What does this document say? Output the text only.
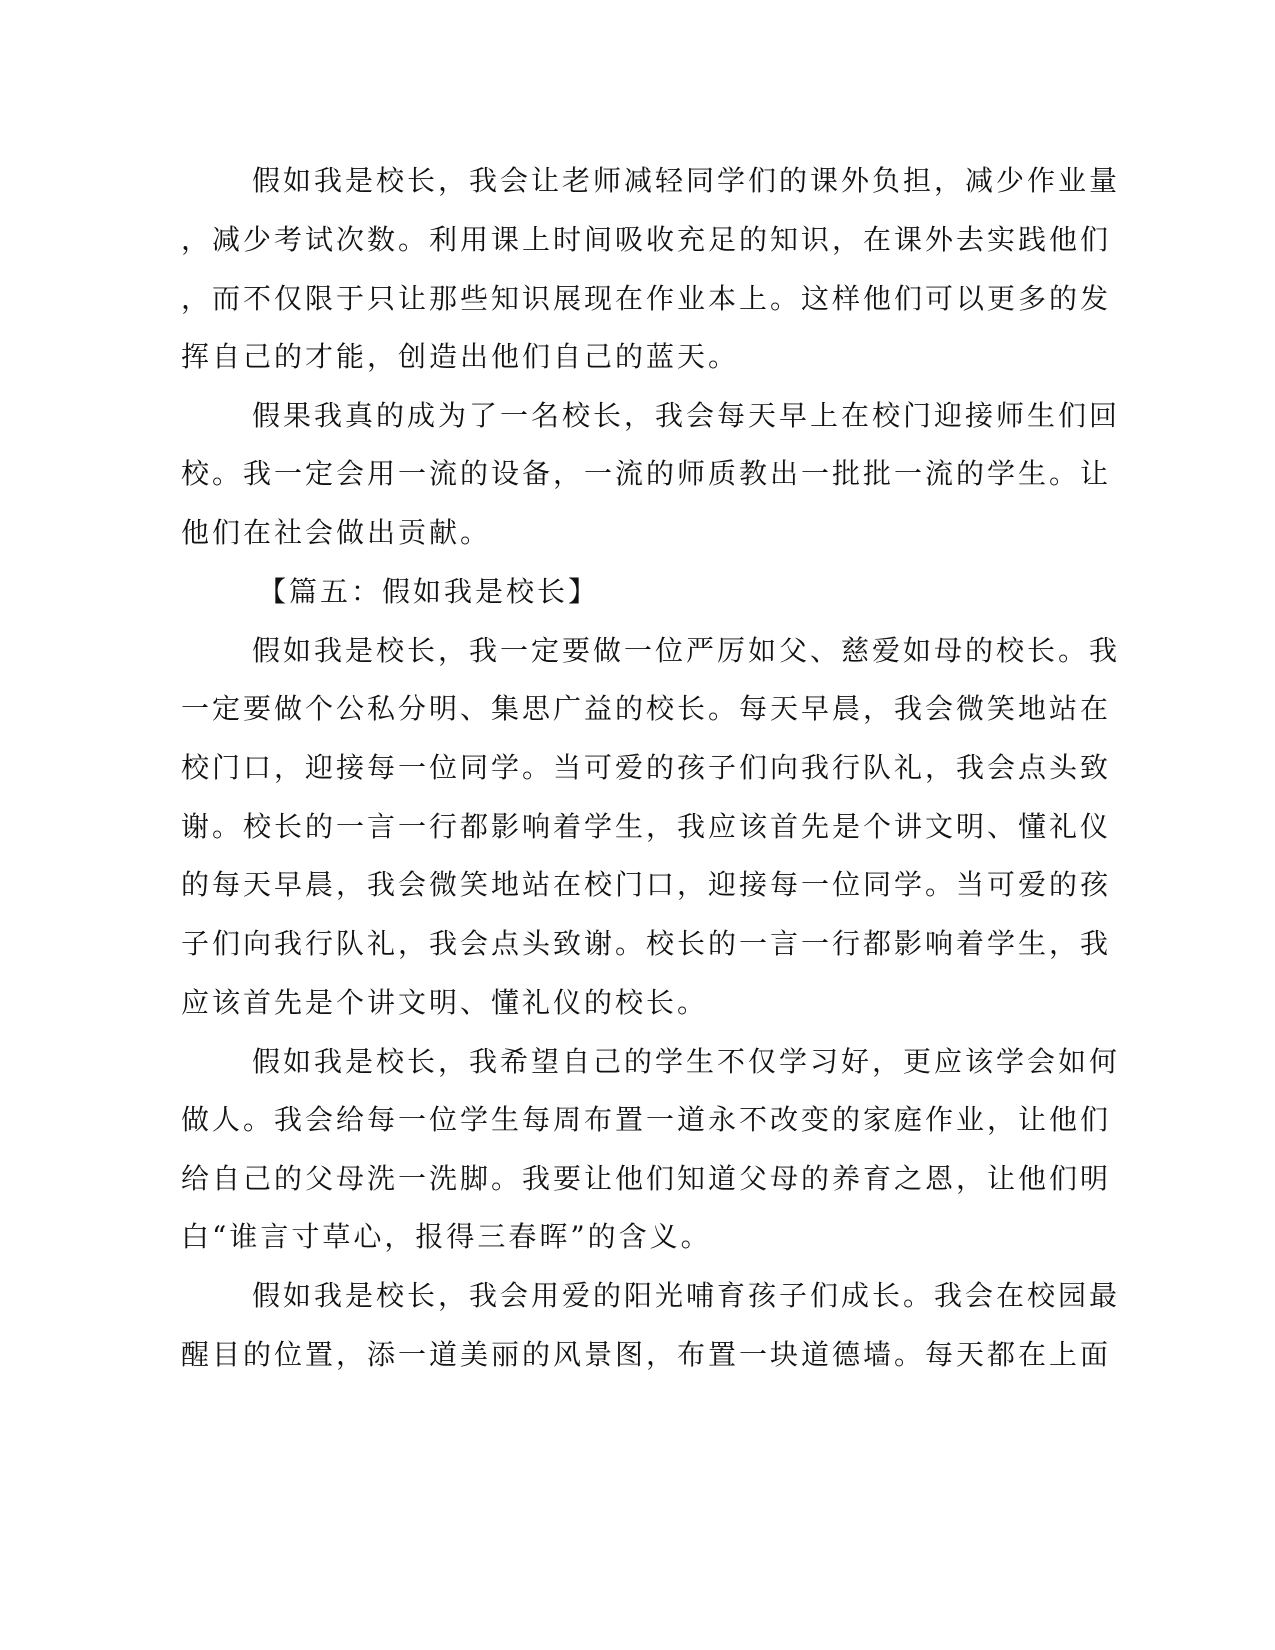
假如我是校长，我会让老师减轻同学们的课外负担，减少作业量
，减少考试次数。利用课上时间吸收充足的知识，在课外去实践他们
，而不仅限于只让那些知识展现在作业本上。这样他们可以更多的发
挥自己的才能，创造出他们自己的蓝天。
假果我真的成为了一名校长，我会每天早上在校门迎接师生们回
校。我一定会用一流的设备，一流的师质教出一批批一流的学生。让
他们在社会做出贡献。
【篇五：假如我是校长】
假如我是校长，我一定要做一位严厉如父、慈爱如母的校长。我
一定要做个公私分明、集思广益的校长。每天早晨，我会微笑地站在
校门口，迎接每一位同学。当可爱的孩子们向我行队礼，我会点头致
谢。校长的一言一行都影响着学生，我应该首先是个讲文明、懂礼仪
的每天早晨，我会微笑地站在校门口，迎接每一位同学。当可爱的孩
子们向我行队礼，我会点头致谢。校长的一言一行都影响着学生，我
应该首先是个讲文明、懂礼仪的校长。
假如我是校长，我希望自己的学生不仅学习好，更应该学会如何
做人。我会给每一位学生每周布置一道永不改变的家庭作业，让他们
给自己的父母洗一洗脚。我要让他们知道父母的养育之恩，让他们明
白“谁言寸草心，报得三春晖”的含义。
假如我是校长，我会用爱的阳光哺育孩子们成长。我会在校园最
醒目的位置，添一道美丽的风景图，布置一块道德墙。每天都在上面
